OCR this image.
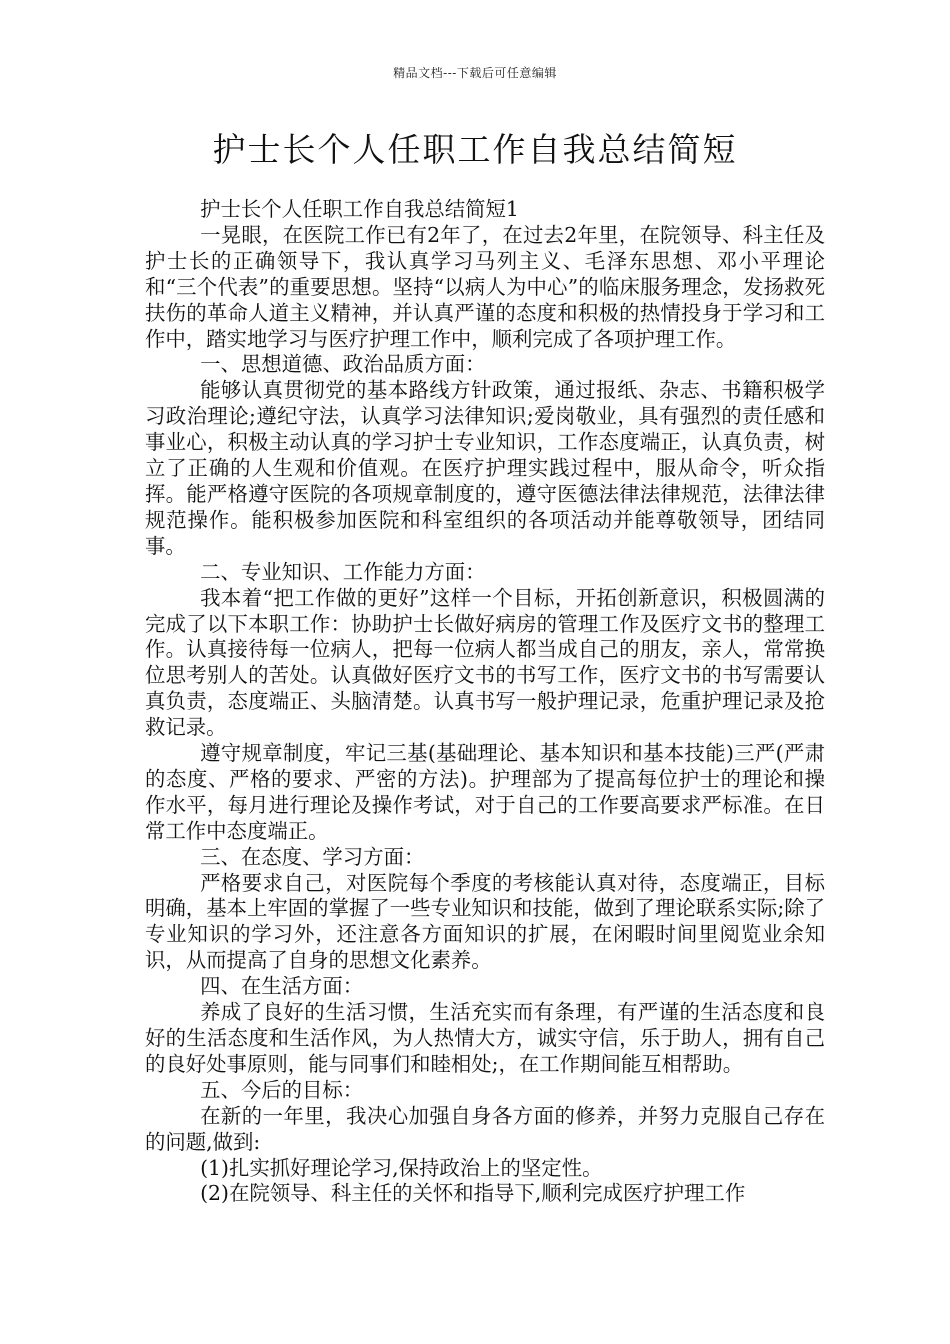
精品文档---下载后可任意编辑
护士长个人任职工作自我总结简短

护士长个人任职工作自我总结简短1

一晃眼，在医院工作已有2年了，在过去2年里，在院领导、科主任及护士长的正确领导下，我认真学习马列主义、毛泽东思想、邓小平理论和“三个代表”的重要思想。坚持“以病人为中心”的临床服务理念，发扬救死扶伤的革命人道主义精神，并认真严谨的态度和积极的热情投身于学习和工作中，踏实地学习与医疗护理工作中，顺利完成了各项护理工作。

一、思想道德、政治品质方面：

能够认真贯彻党的基本路线方针政策，通过报纸、杂志、书籍积极学习政治理论;遵纪守法，认真学习法律知识;爱岗敬业，具有强烈的责任感和事业心，积极主动认真的学习护士专业知识，工作态度端正，认真负责，树立了正确的人生观和价值观。在医疗护理实践过程中，服从命令，听众指挥。能严格遵守医院的各项规章制度的，遵守医德法律法律规范，法律法律规范操作。能积极参加医院和科室组织的各项活动并能尊敬领导，团结同事。

二、专业知识、工作能力方面：

我本着“把工作做的更好”这样一个目标，开拓创新意识，积极圆满的完成了以下本职工作：协助护士长做好病房的管理工作及医疗文书的整理工作。认真接待每一位病人，把每一位病人都当成自己的朋友，亲人，常常换位思考别人的苦处。认真做好医疗文书的书写工作，医疗文书的书写需要认真负责，态度端正、头脑清楚。认真书写一般护理记录，危重护理记录及抢救记录。

遵守规章制度，牢记三基(基础理论、基本知识和基本技能)三严(严肃的态度、严格的要求、严密的方法)。护理部为了提高每位护士的理论和操作水平，每月进行理论及操作考试，对于自己的工作要高要求严标准。在日常工作中态度端正。

三、在态度、学习方面：

严格要求自己，对医院每个季度的考核能认真对待，态度端正，目标明确，基本上牢固的掌握了一些专业知识和技能，做到了理论联系实际;除了专业知识的学习外，还注意各方面知识的扩展，在闲暇时间里阅览业余知识，从而提高了自身的思想文化素养。

四、在生活方面：

养成了良好的生活习惯，生活充实而有条理，有严谨的生活态度和良好的生活态度和生活作风，为人热情大方，诚实守信，乐于助人，拥有自己的良好处事原则，能与同事们和睦相处;，在工作期间能互相帮助。

五、今后的目标：

在新的一年里，我决心加强自身各方面的修养，并努力克服自己存在的问题,做到:

(1)扎实抓好理论学习,保持政治上的坚定性。

(2)在院领导、科主任的关怀和指导下,顺利完成医疗护理工作
